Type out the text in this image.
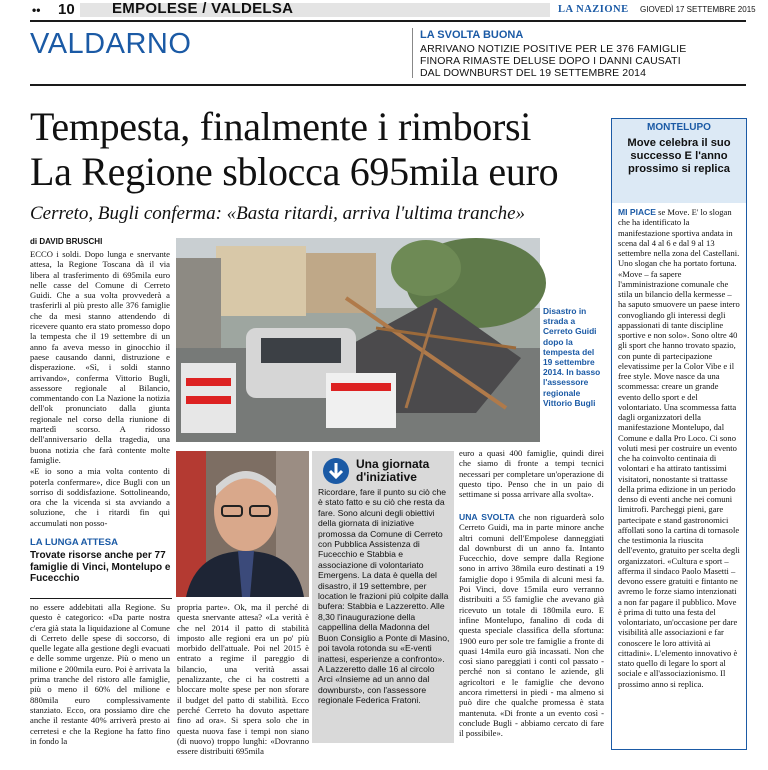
•• 10 EMPOLESE / VALDELSA	LA NAZIONE GIOVEDÌ 17 SETTEMBRE 2015
VALDARNO	LA SVOLTA BUONA
ARRIVANO NOTIZIE POSITIVE PER LE 376 FAMIGLIE
FINORA RIMASTE DELUSE DOPO I DANNI CAUSATI
DAL DOWNBURST DEL 19 SETTEMBRE 2014
Tempesta, finalmente i rimborsi
La Regione sblocca 695mila euro
Cerreto, Bugli conferma: «Basta ritardi, arriva l'ultima tranche»
di DAVID BRUSCHI

ECCO i soldi. Dopo lunga e snervante attesa, la Regione Toscana dà il via libera al trasferimento di 695mila euro nelle casse del Comune di Cerreto Guidi. Che a sua volta provvederà a trasferirli al più presto alle 376 famiglie che da mesi stanno attendendo di ricevere quanto era stato promesso dopo la tempesta che il 19 settembre di un anno fa aveva messo in ginocchio il paese causando danni, distruzione e disperazione. «Sì, i soldi stanno arrivando», conferma Vittorio Bugli, assessore regionale al Bilancio, commentando con La Nazione la notizia dell'ok pronunciato dalla giunta regionale nel corso della riunione di martedì scorso. A ridosso dell'anniversario della tragedia, una buona notizia che farà contente molte famiglie.

«E io sono a mia volta contento di poterla confermare», dice Bugli con un sorriso di soddisfazione. Sottolineando, ora che la vicenda si sta avviando a soluzione, che i ritardi fin qui accumulati non posso-

LA LUNGA ATTESA
Trovate risorse anche per 77 famiglie di Vinci, Montelupo e Fucecchio
no essere addebitati alla Regione. Su questo è categorico: «Da parte nostra c'era già stata la liquidazione al Comune di Cerreto delle spese di soccorso, di quelle legate alla gestione degli evacuati e delle somme urgenze. Più o meno un milione e 200mila euro. Poi è arrivata la prima tranche del ristoro alle famiglie, più o meno il 60% del milione e 880mila euro complessivamente stanziato. Ecco, ora possiamo dire che anche il restante 40% arriverà presto ai cerretesi e che la Regione ha fatto fino in fondo la
propria parte». Ok, ma il perché di questa snervante attesa? «La verità è che nel 2014 il patto di stabilità imposto alle regioni era un po' più morbido dell'attuale. Poi nel 2015 è entrato a regime il pareggio di bilancio, una verità assai penalizzante, che ci ha costretti a bloccare molte spese per non sforare il budget del patto di stabilità. Ecco perché Cerreto ha dovuto aspettare fino ad ora». Si spera solo che in questa nuova fase i tempi non siano (di nuovo) troppo lunghi: «Dovranno essere distribuiti 695mila
Disastro in strada a Cerreto Guidi dopo la tempesta del 19 settembre 2014. In basso l'assessore regionale Vittorio Bugli
Una giornata d'iniziative
Ricordare, fare il punto su ciò che è stato fatto e su ciò che resta da fare. Sono alcuni degli obiettivi della giornata di iniziative promossa da Comune di Cerreto con Pubblica Assistenza di Fucecchio e Stabbia e associazione di volontariato Emergens. La data è quella del disastro, il 19 settembre, per location le frazioni più colpite dalla bufera: Stabbia e Lazzeretto. Alle 8,30 l'inaugurazione della cappellina della Madonna del Buon Consiglio a Ponte di Masino, poi tavola rotonda su «E-venti inattesi, esperienze a confronto». A Lazzeretto dalle 16 al circolo Arci «Insieme ad un anno dal downburst», con l'assessore regionale Federica Fratoni.
euro a quasi 400 famiglie, quindi direi che siamo di fronte a tempi tecnici necessari per completare un'operazione di questo tipo. Penso che in un paio di settimane si possa arrivare alla svolta».
UNA SVOLTA che non riguarderà solo Cerreto Guidi, ma in parte minore anche altri comuni dell'Empolese danneggiati dal downburst di un anno fa. Intanto Fucecchio, dove sempre dalla Regione sono in arrivo 38mila euro destinati a 19 famiglie dopo i 95mila di alcuni mesi fa. Poi Vinci, dove 15mila euro verranno distribuiti a 55 famiglie che avevano già ricevuto un totale di 180mila euro. E infine Montelupo, fanalino di coda di questa speciale classifica della sfortuna: 1900 euro per sole tre famiglie a fronte di quasi 14mila euro già incassati. Non che così siano pareggiati i conti col passato - perché non si contano le aziende, gli agricoltori e le famiglie che devono ancora rimettersi in piedi - ma almeno si può dire che qualche promessa è stata mantenuta. «Di fronte a un evento così - conclude Bugli - abbiamo cercato di fare il possibile».
MONTELUPO
Move celebra il suo successo E l'anno prossimo si replica
MI PIACE se Move. E' lo slogan che ha identificato la manifestazione sportiva andata in scena dal 4 al 6 e dal 9 al 13 settembre nella zona del Castellani. Uno slogan che ha portato fortuna. «Move – fa sapere l'amministrazione comunale che stila un bilancio della kermesse – ha saputo smuovere un paese intero convogliando gli interessi degli appassionati di tante discipline sportive e non solo». Sono oltre 40 gli sport che hanno trovato spazio, con punte di partecipazione elevatissime per la Color Vibe e il free style. Move nasce da una scommessa: creare un grande evento dello sport e del volontariato. Una scommessa fatta dagli organizzatori della manifestazione Montelupo, dal Comune e dalla Pro Loco. Ci sono voluti mesi per costruire un evento che ha coinvolto centinaia di volontari e ha attirato tantissimi visitatori, nonostante si trattasse della prima edizione in un periodo denso di eventi anche nei comuni limitrofi. Parcheggi pieni, gare partecipate e stand gastronomici affollati sono la cartina di tornasole che testimonia la riuscita dell'evento, gratuito per scelta degli organizzatori. «Cultura e sport – afferma il sindaco Paolo Masetti – devono essere gratuiti e fintanto ne avremo le forze siamo intenzionati a non far pagare il pubblico. Move è prima di tutto una festa del volontariato, un'occasione per dare visibilità alle associazioni e far conoscere le loro attività ai cittadini». L'elemento innovativo è stato quello di legare lo sport al sociale e all'associazionismo. Il prossimo anno si replica.
